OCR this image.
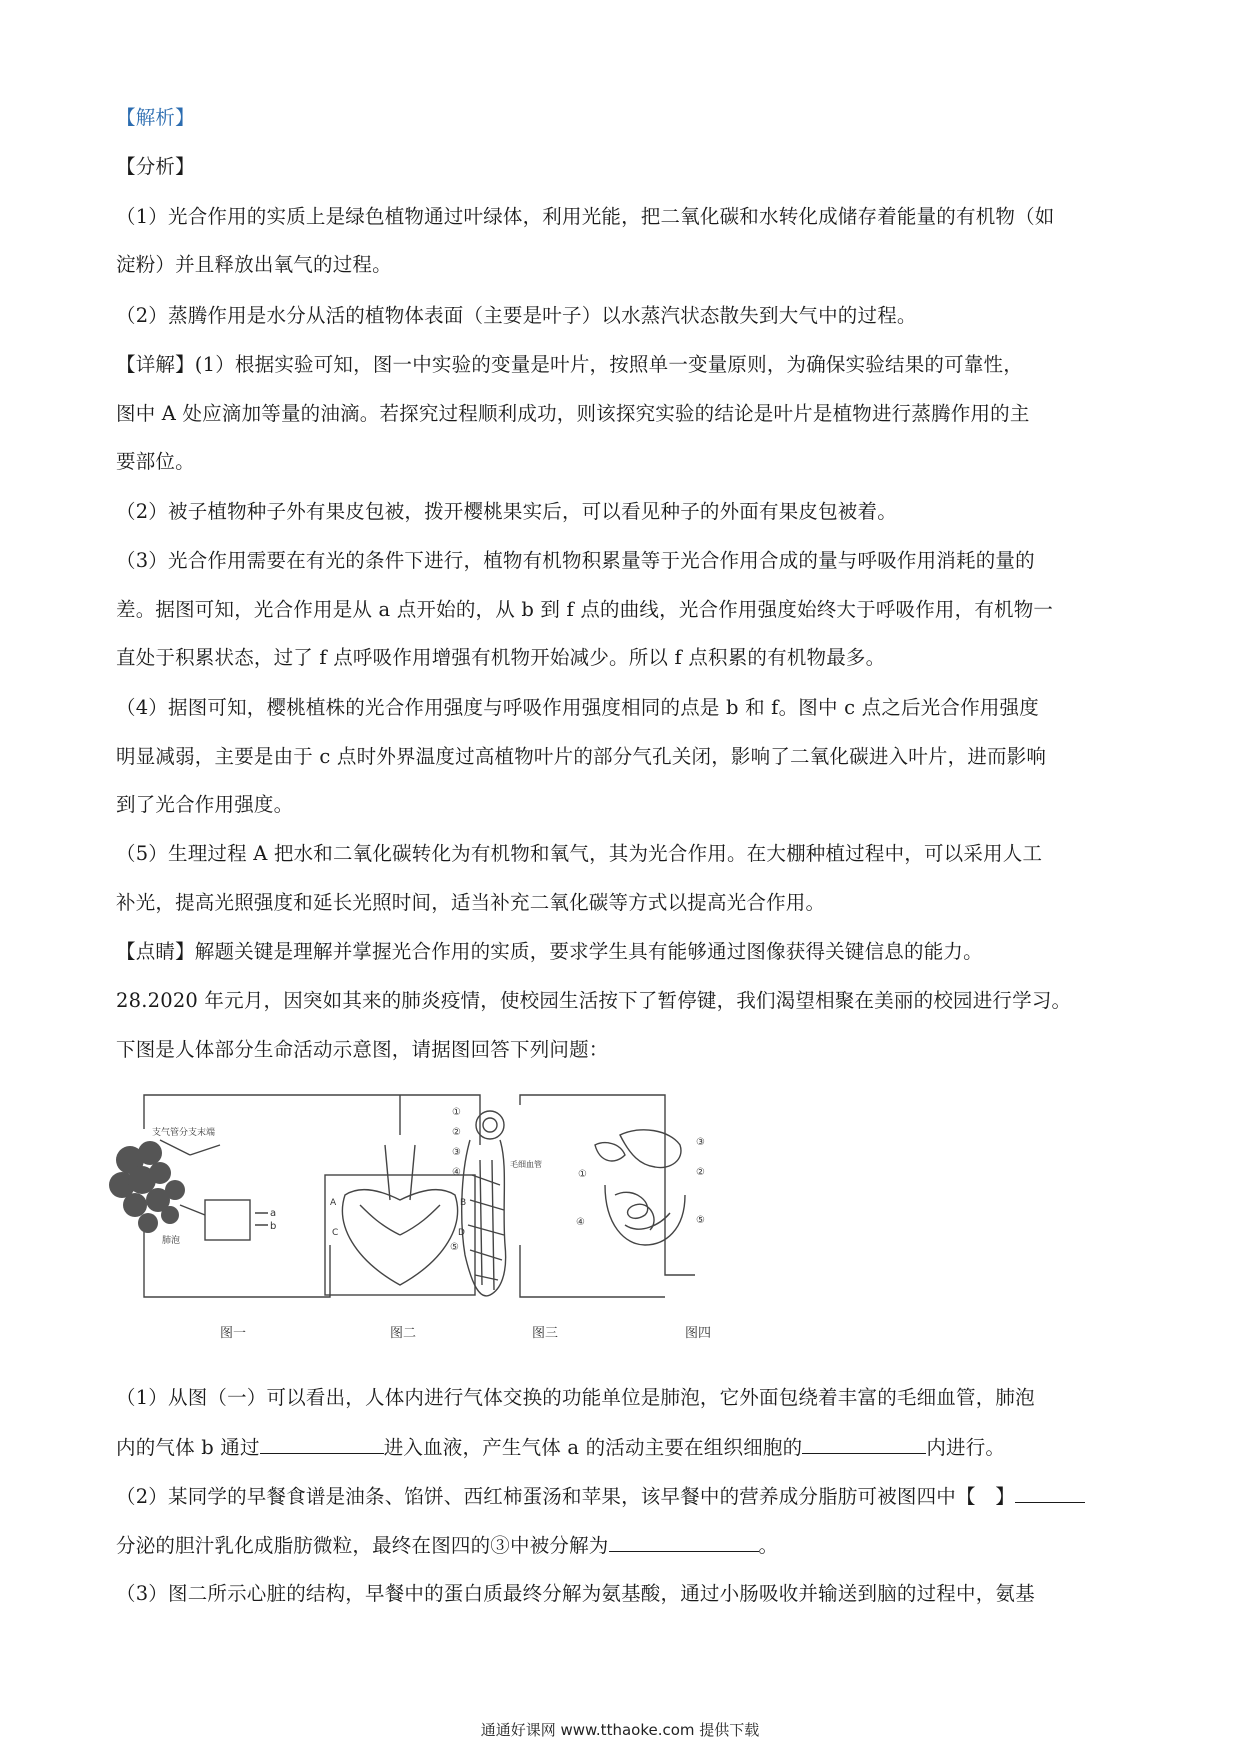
【解析】
【分析】
（1）光合作用的实质上是绿色植物通过叶绿体，利用光能，把二氧化碳和水转化成储存着能量的有机物（如
淀粉）并且释放出氧气的过程。
（2）蒸腾作用是水分从活的植物体表面（主要是叶子）以水蒸汽状态散失到大气中的过程。
【详解】(1）根据实验可知，图一中实验的变量是叶片，按照单一变量原则，为确保实验结果的可靠性，
图中 A 处应滴加等量的油滴。若探究过程顺利成功，则该探究实验的结论是叶片是植物进行蒸腾作用的主
要部位。
（2）被子植物种子外有果皮包被，拨开樱桃果实后，可以看见种子的外面有果皮包被着。
（3）光合作用需要在有光的条件下进行，植物有机物积累量等于光合作用合成的量与呼吸作用消耗的量的
差。据图可知，光合作用是从 a 点开始的，从 b 到 f 点的曲线，光合作用强度始终大于呼吸作用，有机物一
直处于积累状态，过了 f 点呼吸作用增强有机物开始减少。所以 f 点积累的有机物最多。
（4）据图可知，樱桃植株的光合作用强度与呼吸作用强度相同的点是 b 和 f。图中 c 点之后光合作用强度
明显减弱，主要是由于 c 点时外界温度过高植物叶片的部分气孔关闭，影响了二氧化碳进入叶片，进而影响
到了光合作用强度。
（5）生理过程 A 把水和二氧化碳转化为有机物和氧气，其为光合作用。在大棚种植过程中，可以采用人工
补光，提高光照强度和延长光照时间，适当补充二氧化碳等方式以提高光合作用。
【点睛】解题关键是理解并掌握光合作用的实质，要求学生具有能够通过图像获得关键信息的能力。
28.2020 年元月，因突如其来的肺炎疫情，使校园生活按下了暂停键，我们渴望相聚在美丽的校园进行学习。
下图是人体部分生命活动示意图，请据图回答下列问题：
支气管分支末端
肺泡
a
b
A	B
C	D
①
②
③
④
⑤
毛细血管
①	②
③
④	⑤
图一	图二	图三	图四
（1）从图（一）可以看出，人体内进行气体交换的功能单位是肺泡，它外面包绕着丰富的毛细血管，肺泡
内的气体 b 通过	进入血液，产生气体 a 的活动主要在组织细胞的	内进行。
（2）某同学的早餐食谱是油条、馅饼、西红柿蛋汤和苹果，该早餐中的营养成分脂肪可被图四中【　】
分泌的胆汁乳化成脂肪微粒，最终在图四的③中被分解为	。
（3）图二所示心脏的结构，早餐中的蛋白质最终分解为氨基酸，通过小肠吸收并输送到脑的过程中，氨基
通通好课网 www.tthaoke.com 提供下载
